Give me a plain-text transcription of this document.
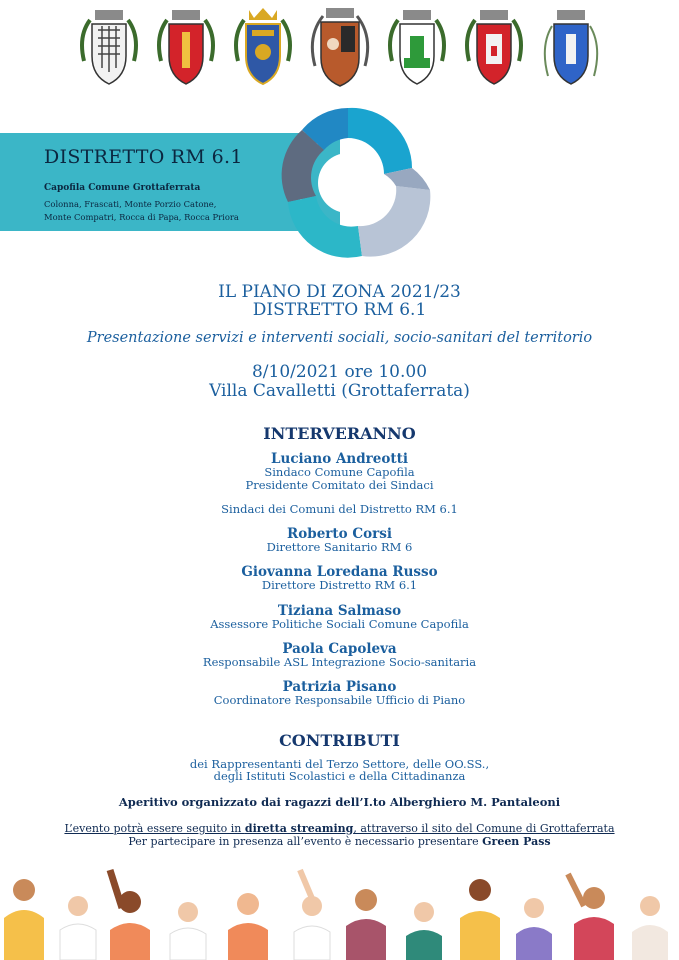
DISTRETTO RM 6.1
Capofila Comune Grottaferrata
Colonna, Frascati, Monte Porzio Catone,
Monte Compatri, Rocca di Papa, Rocca Priora
IL PIANO DI ZONA 2021/23
DISTRETTO RM 6.1
Presentazione servizi e interventi sociali, socio-sanitari del territorio
8/10/2021 ore 10.00
Villa Cavalletti (Grottaferrata)
INTERVERANNO
Luciano Andreotti
Sindaco Comune Capofila
Presidente Comitato dei Sindaci
Sindaci dei Comuni del Distretto RM 6.1
Roberto Corsi
Direttore Sanitario RM 6
Giovanna Loredana Russo
Direttore Distretto RM 6.1
Tiziana Salmaso
Assessore Politiche Sociali Comune Capofila
Paola Capoleva
Responsabile ASL Integrazione Socio-sanitaria
Patrizia Pisano
Coordinatore Responsabile Ufficio di Piano
CONTRIBUTI
dei Rappresentanti del Terzo Settore, delle OO.SS.,
degli Istituti Scolastici e della Cittadinanza
Aperitivo organizzato dai ragazzi dell’I.to Alberghiero M. Pantaleoni
L’evento potrà essere seguito in diretta streaming, attraverso il sito del Comune di Grottaferrata
Per partecipare in presenza all’evento è necessario presentare Green Pass
